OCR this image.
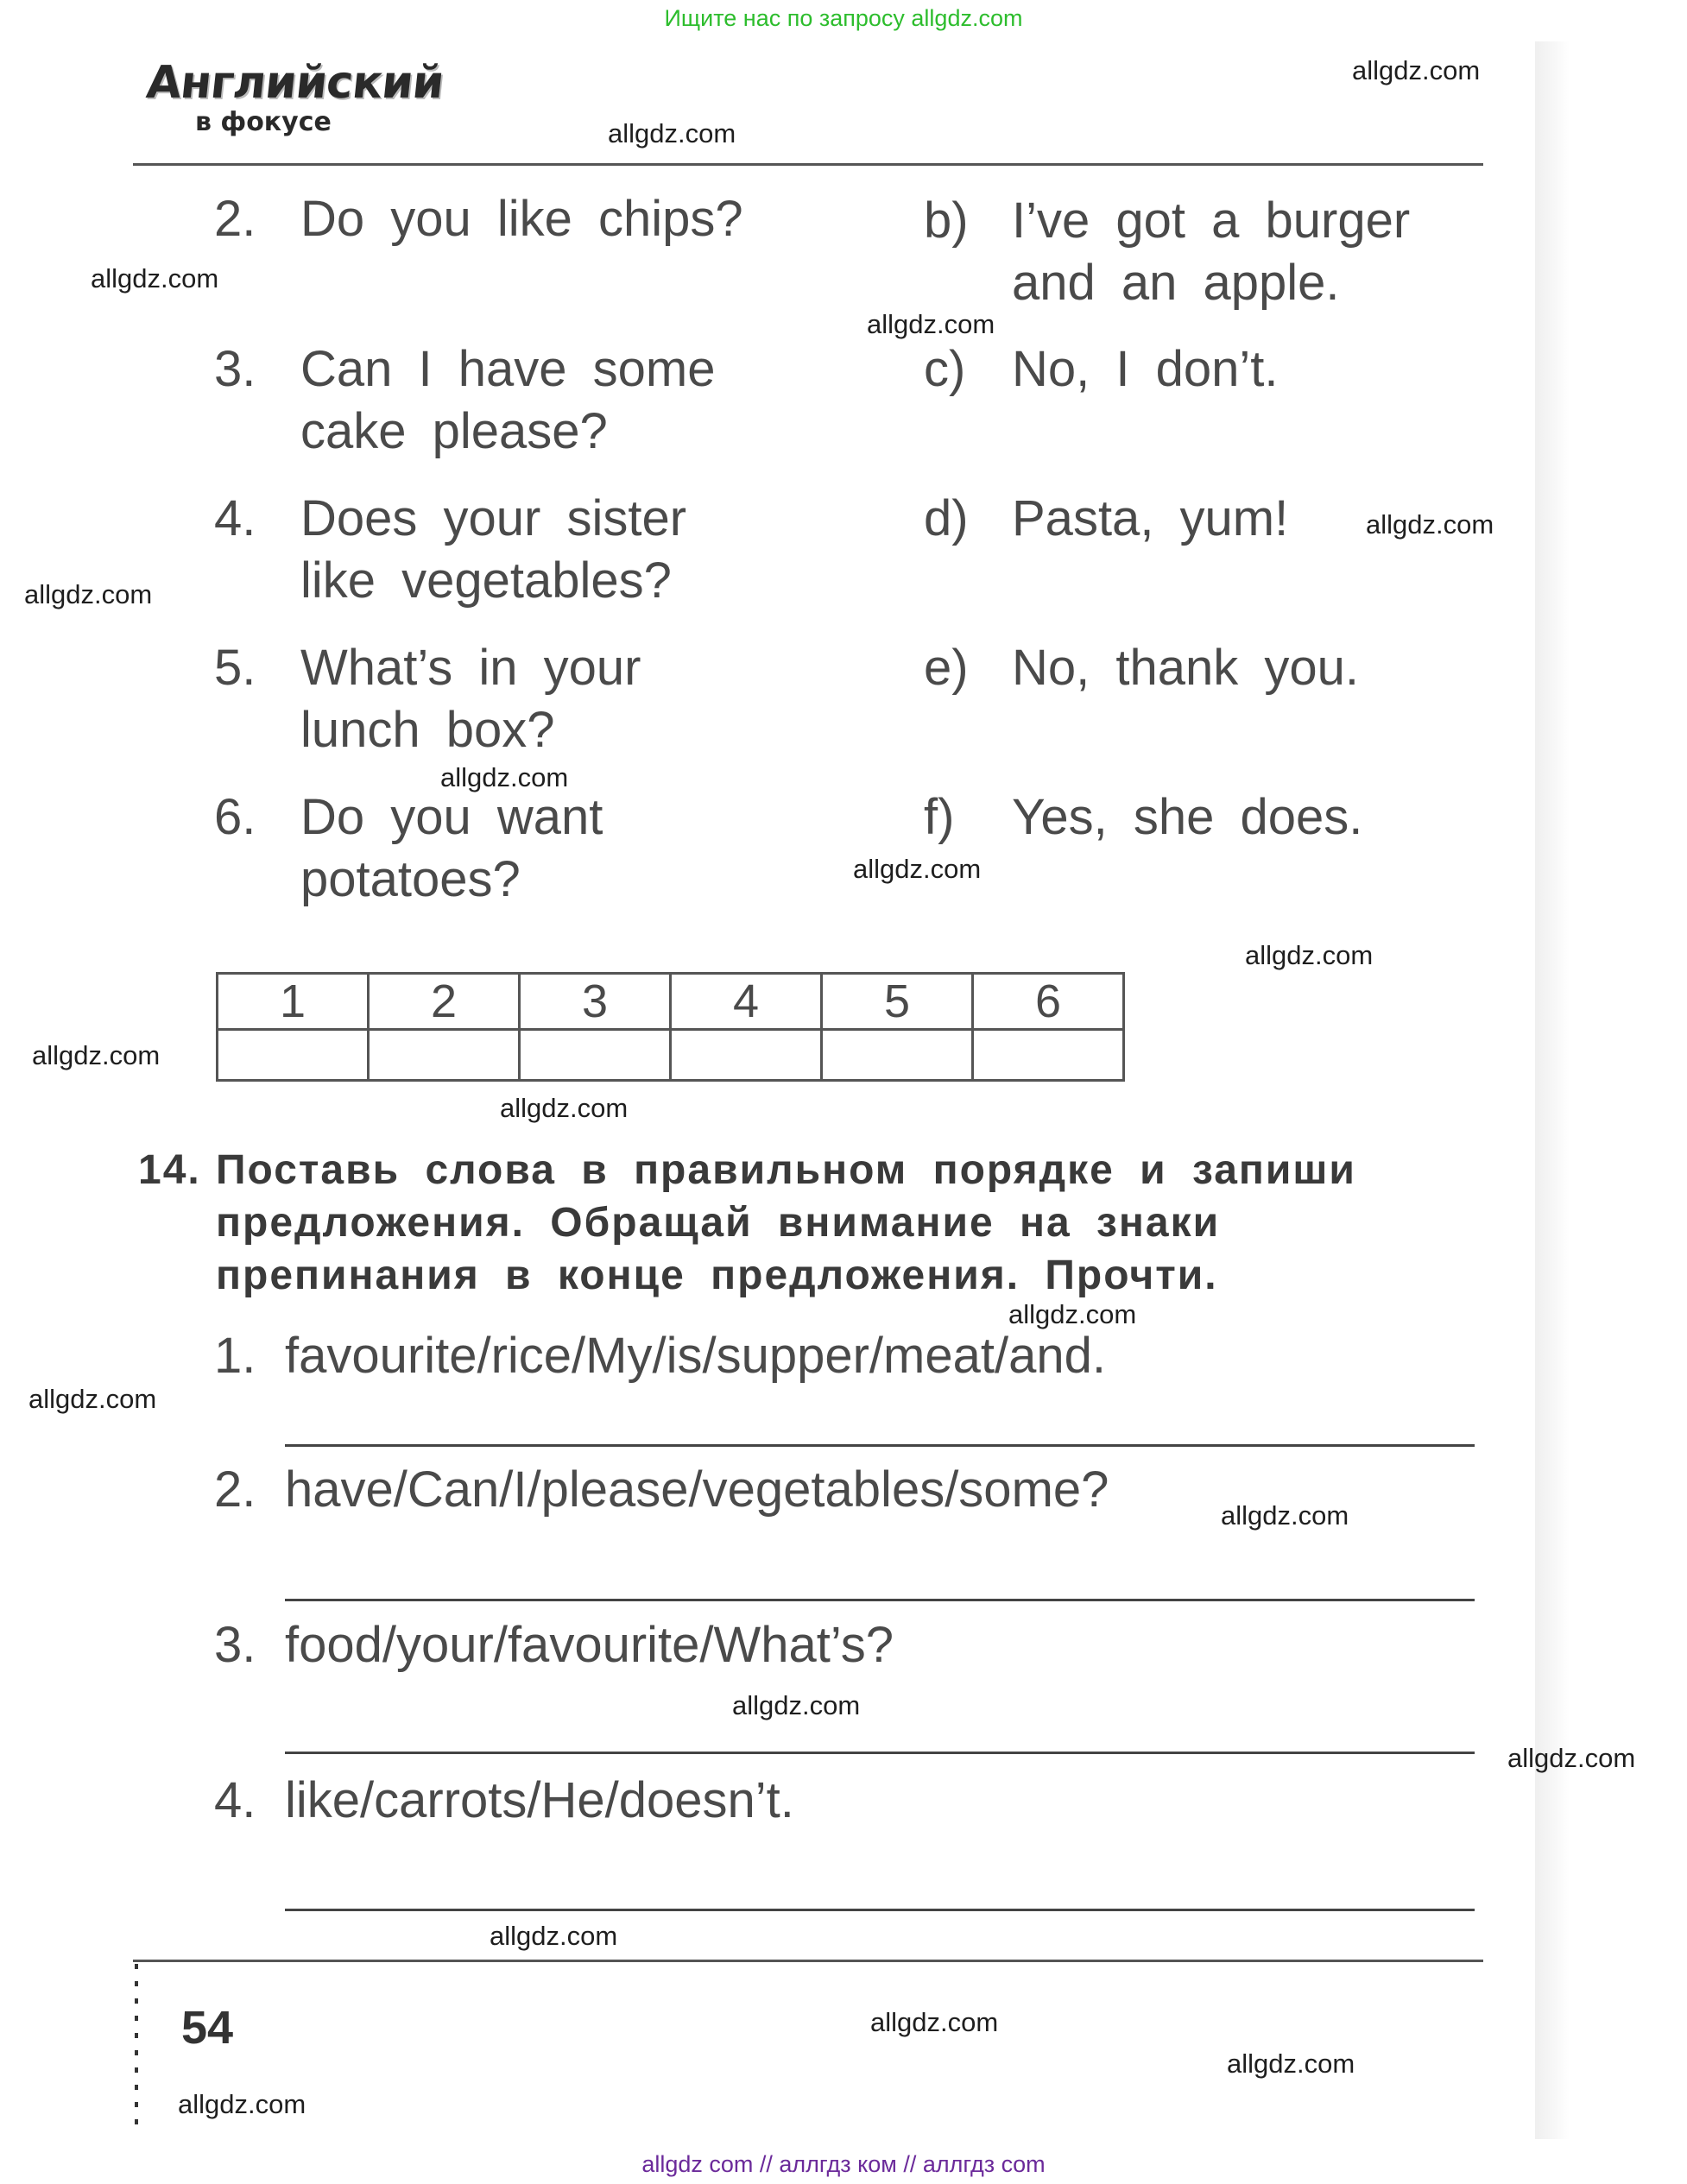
Ищите нас по запросу allgdz.com
Английский
в фокусе
2. Do you like chips?
3. Can I have some
cake please?
4. Does your sister
like vegetables?
5. What’s in your
lunch box?
6. Do you want
potatoes?
b) I’ve got a burger
and an apple.
c) No, I don’t.
d) Pasta, yum!
e) No, thank you.
f) Yes, she does.
1	2	3	4	5	6

14. Поставь слова в правильном порядке и запиши
предложения. Обращай внимание на знаки
препинания в конце предложения. Прочти.
1. favourite/rice/My/is/supper/meat/and.
2. have/Can/I/please/vegetables/some?
3. food/your/favourite/What’s?
4. like/carrots/He/doesn’t.
54
allgdz.com
allgdz.com
allgdz.com
allgdz.com
allgdz.com
allgdz.com
allgdz.com
allgdz.com
allgdz.com
allgdz.com
allgdz.com
allgdz.com
allgdz.com
allgdz.com
allgdz.com
allgdz.com
allgdz.com
allgdz.com
allgdz.com
allgdz.com
allgdz com // аллгдз ком // аллгдз com
